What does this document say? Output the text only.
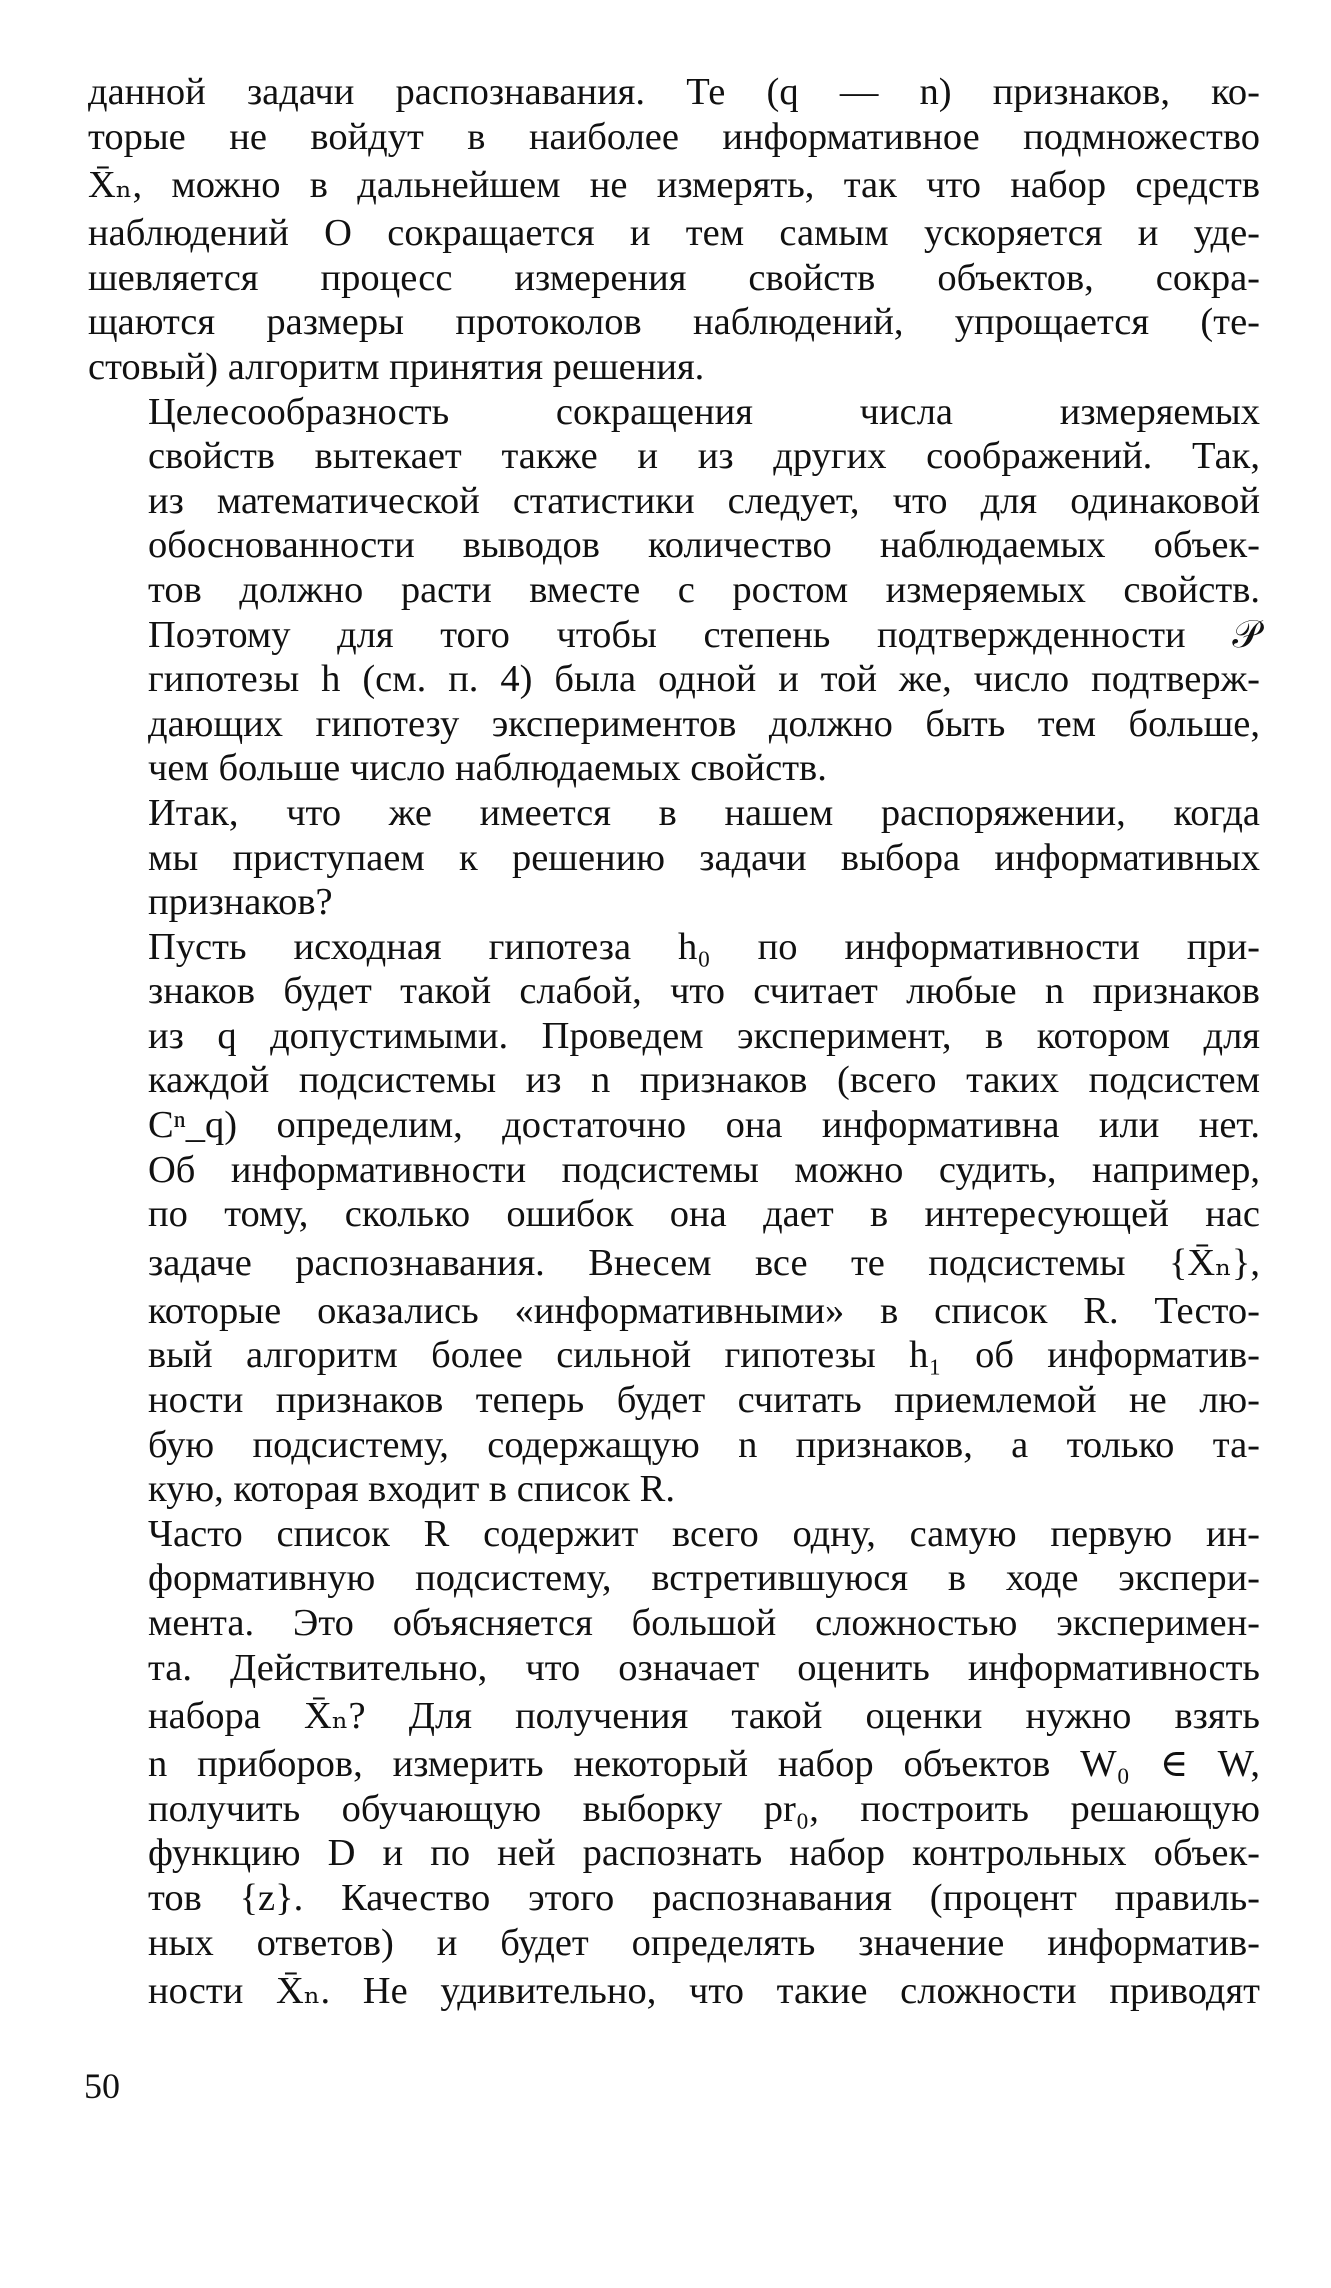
данной задачи распознавания. Те (q — n) признаков, ко-
торые не войдут в наиболее информативное подмножество
X̄ₙ, можно в дальнейшем не измерять, так что набор средств
наблюдений O сокращается и тем самым ускоряется и уде-
шевляется процесс измерения свойств объектов, сокра-
щаются размеры протоколов наблюдений, упрощается (те-
стовый) алгоритм принятия решения.

Целесообразность сокращения числа измеряемых
свойств вытекает также и из других соображений. Так,
из математической статистики следует, что для одинаковой
обоснованности выводов количество наблюдаемых объек-
тов должно расти вместе с ростом измеряемых свойств.
Поэтому для того чтобы степень подтвержденности 𝒫
гипотезы h (см. п. 4) была одной и той же, число подтверж-
дающих гипотезу экспериментов должно быть тем больше,
чем больше число наблюдаемых свойств.

Итак, что же имеется в нашем распоряжении, когда
мы приступаем к решению задачи выбора информативных
признаков?

Пусть исходная гипотеза h₀ по информативности при-
знаков будет такой слабой, что считает любые n признаков
из q допустимыми. Проведем эксперимент, в котором для
каждой подсистемы из n признаков (всего таких подсистем
Cⁿ_q) определим, достаточно она информативна или нет.
Об информативности подсистемы можно судить, например,
по тому, сколько ошибок она дает в интересующей нас
задаче распознавания. Внесем все те подсистемы {X̄ₙ},
которые оказались «информативными» в список R. Тесто-
вый алгоритм более сильной гипотезы h₁ об информатив-
ности признаков теперь будет считать приемлемой не лю-
бую подсистему, содержащую n признаков, а только та-
кую, которая входит в список R.

Часто список R содержит всего одну, самую первую ин-
формативную подсистему, встретившуюся в ходе экспери-
мента. Это объясняется большой сложностью эксперимен-
та. Действительно, что означает оценить информативность
набора X̄ₙ? Для получения такой оценки нужно взять
n приборов, измерить некоторый набор объектов W₀ ∈ W,
получить обучающую выборку pr₀, построить решающую
функцию D и по ней распознать набор контрольных объек-
тов {z}. Качество этого распознавания (процент правиль-
ных ответов) и будет определять значение информатив-
ности X̄ₙ. Не удивительно, что такие сложности приводят

50
